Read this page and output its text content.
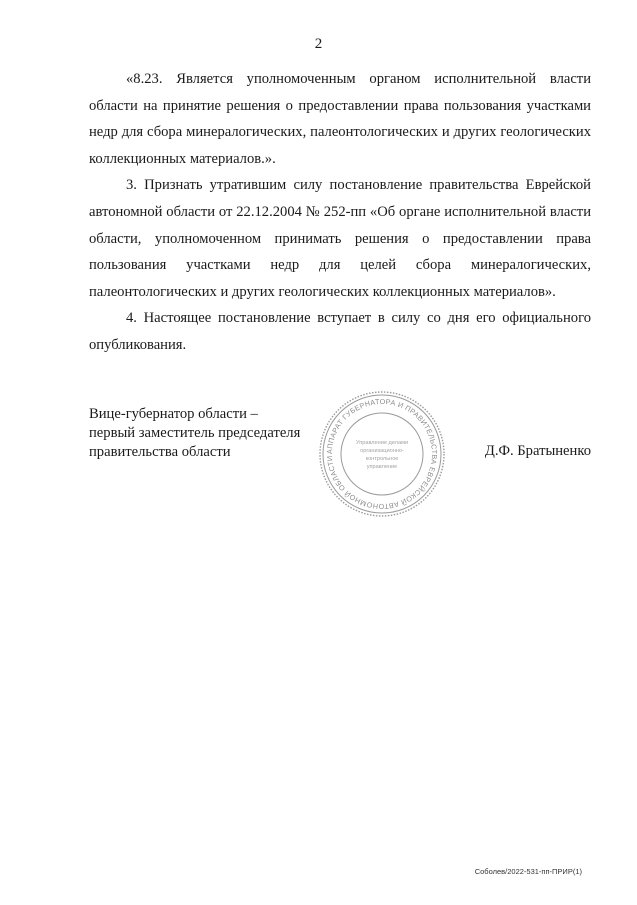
2

«8.23. Является уполномоченным органом исполнительной власти области на принятие решения о предоставлении права пользования участками недр для сбора минералогических, палеонтологических и других геологических коллекционных материалов.».

3. Признать утратившим силу постановление правительства Еврейской автономной области от 22.12.2004 № 252-пп «Об органе исполнительной власти области, уполномоченном принимать решения о предоставлении права пользования участками недр для целей сбора минералогических, палеонтологических и других геологических коллекционных материалов».

4. Настоящее постановление вступает в силу со дня его официального опубликования.

Вице-губернатор области –
первый заместитель председателя
правительства области	АППАРАТ ГУБЕРНАТОРА И ПРАВИТЕЛЬСТВА ЕВРЕЙСКОЙ АВТОНОМНОЙ ОБЛАСТИ
Управление делами
организационно-
контрольное
управление
Д.Ф. Братыненко
Соболев/2022-531-пп-ПРИР(1)
